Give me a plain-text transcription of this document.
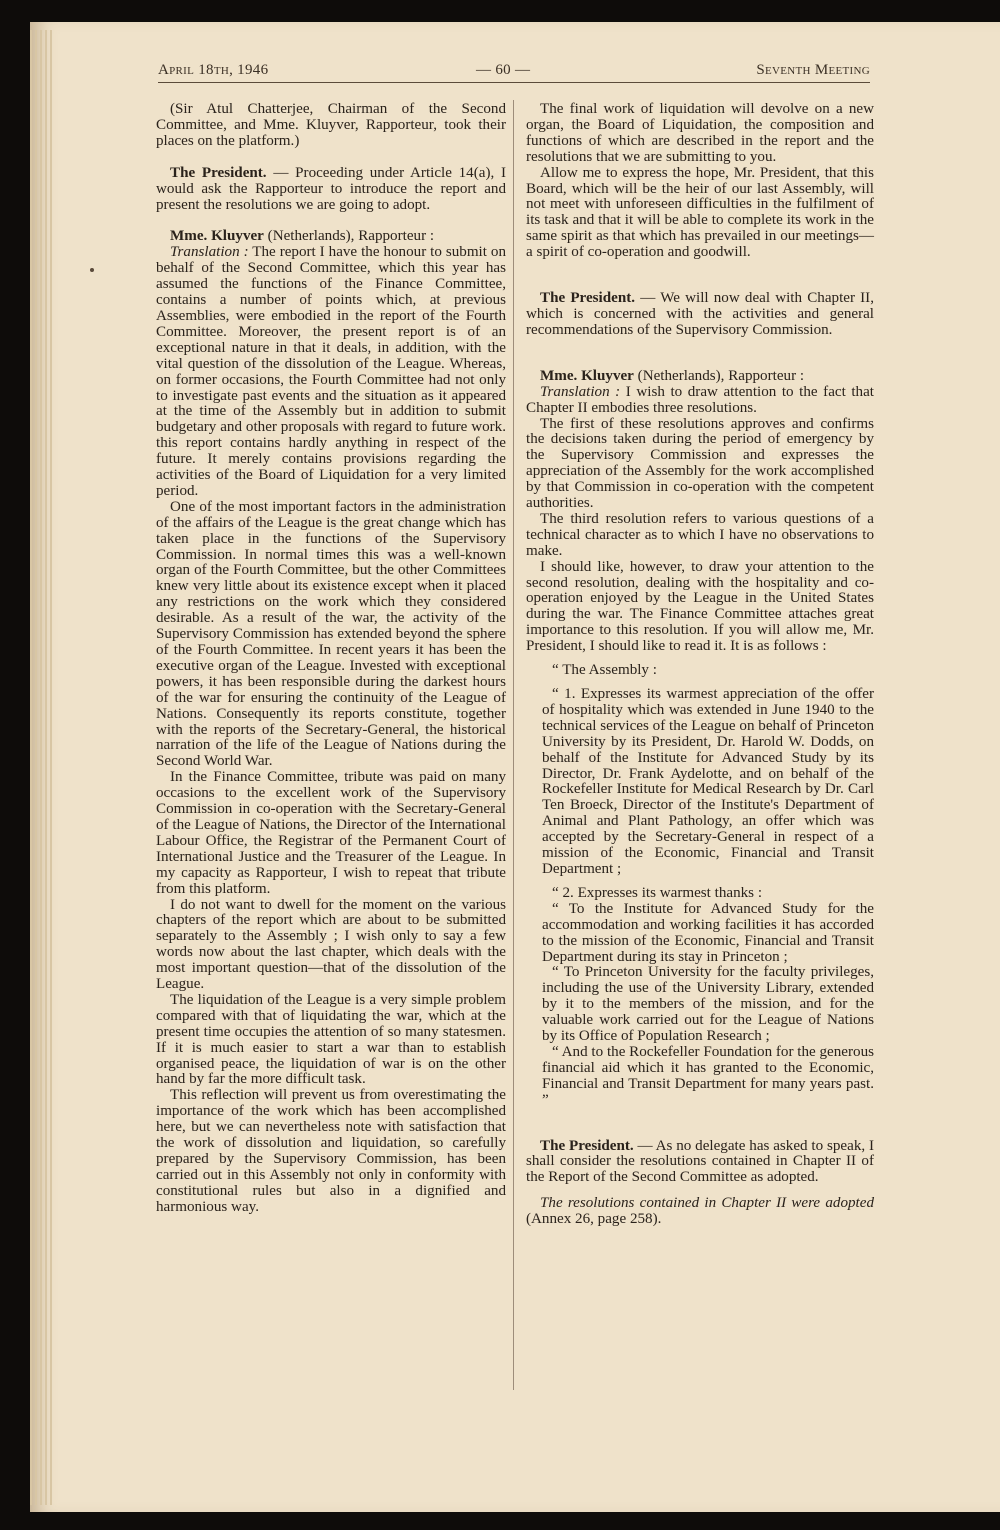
April 18th, 1946	— 60 —	Seventh Meeting

(Sir Atul Chatterjee, Chairman of the Second Committee, and Mme. Kluyver, Rapporteur, took their places on the platform.)

The President. — Proceeding under Article 14(a), I would ask the Rapporteur to introduce the report and present the resolutions we are going to adopt.

Mme. Kluyver (Netherlands), Rapporteur :

Translation : The report I have the honour to submit on behalf of the Second Committee, which this year has assumed the functions of the Finance Committee, contains a number of points which, at previous Assemblies, were embodied in the report of the Fourth Committee. Moreover, the present report is of an exceptional nature in that it deals, in addition, with the vital question of the dissolution of the League. Whereas, on former occasions, the Fourth Committee had not only to investigate past events and the situation as it appeared at the time of the Assembly but in addition to submit budgetary and other proposals with regard to future work. this report contains hardly anything in respect of the future. It merely contains provisions regarding the activities of the Board of Liquidation for a very limited period.

One of the most important factors in the administration of the affairs of the League is the great change which has taken place in the functions of the Supervisory Commission. In normal times this was a well-known organ of the Fourth Committee, but the other Committees knew very little about its existence except when it placed any restrictions on the work which they considered desirable. As a result of the war, the activity of the Supervisory Commission has extended beyond the sphere of the Fourth Committee. In recent years it has been the executive organ of the League. Invested with exceptional powers, it has been responsible during the darkest hours of the war for ensuring the continuity of the League of Nations. Consequently its reports constitute, together with the reports of the Secretary-General, the historical narration of the life of the League of Nations during the Second World War.

In the Finance Committee, tribute was paid on many occasions to the excellent work of the Supervisory Commission in co-operation with the Secretary-General of the League of Nations, the Director of the International Labour Office, the Registrar of the Permanent Court of International Justice and the Treasurer of the League. In my capacity as Rapporteur, I wish to repeat that tribute from this platform.

I do not want to dwell for the moment on the various chapters of the report which are about to be submitted separately to the Assembly ; I wish only to say a few words now about the last chapter, which deals with the most important question—that of the dissolution of the League.

The liquidation of the League is a very simple problem compared with that of liquidating the war, which at the present time occupies the attention of so many statesmen. If it is much easier to start a war than to establish organised peace, the liquidation of war is on the other hand by far the more difficult task.

This reflection will prevent us from overestimating the importance of the work which has been accomplished here, but we can nevertheless note with satisfaction that the work of dissolution and liquidation, so carefully prepared by the Supervisory Commission, has been carried out in this Assembly not only in conformity with constitutional rules but also in a dignified and harmonious way.

The final work of liquidation will devolve on a new organ, the Board of Liquidation, the composition and functions of which are described in the report and the resolutions that we are submitting to you.

Allow me to express the hope, Mr. President, that this Board, which will be the heir of our last Assembly, will not meet with unforeseen difficulties in the fulfilment of its task and that it will be able to complete its work in the same spirit as that which has prevailed in our meetings—a spirit of co-operation and goodwill.

The President. — We will now deal with Chapter II, which is concerned with the activities and general recommendations of the Supervisory Commission.

Mme. Kluyver (Netherlands), Rapporteur :

Translation : I wish to draw attention to the fact that Chapter II embodies three resolutions.

The first of these resolutions approves and confirms the decisions taken during the period of emergency by the Supervisory Commission and expresses the appreciation of the Assembly for the work accomplished by that Commission in co-operation with the competent authorities.

The third resolution refers to various questions of a technical character as to which I have no observations to make.

I should like, however, to draw your attention to the second resolution, dealing with the hospitality and co-operation enjoyed by the League in the United States during the war. The Finance Committee attaches great importance to this resolution. If you will allow me, Mr. President, I should like to read it. It is as follows :

“ The Assembly :

“ 1. Expresses its warmest appreciation of the offer of hospitality which was extended in June 1940 to the technical services of the League on behalf of Princeton University by its President, Dr. Harold W. Dodds, on behalf of the Institute for Advanced Study by its Director, Dr. Frank Aydelotte, and on behalf of the Rockefeller Institute for Medical Research by Dr. Carl Ten Broeck, Director of the Institute's Department of Animal and Plant Pathology, an offer which was accepted by the Secretary-General in respect of a mission of the Economic, Financial and Transit Department ;

“ 2. Expresses its warmest thanks :

“ To the Institute for Advanced Study for the accommodation and working facilities it has accorded to the mission of the Economic, Financial and Transit Department during its stay in Princeton ;

“ To Princeton University for the faculty privileges, including the use of the University Library, extended by it to the members of the mission, and for the valuable work carried out for the League of Nations by its Office of Population Research ;

“ And to the Rockefeller Foundation for the generous financial aid which it has granted to the Economic, Financial and Transit Department for many years past. ”

The President. — As no delegate has asked to speak, I shall consider the resolutions contained in Chapter II of the Report of the Second Committee as adopted.

The resolutions contained in Chapter II were adopted (Annex 26, page 258).
